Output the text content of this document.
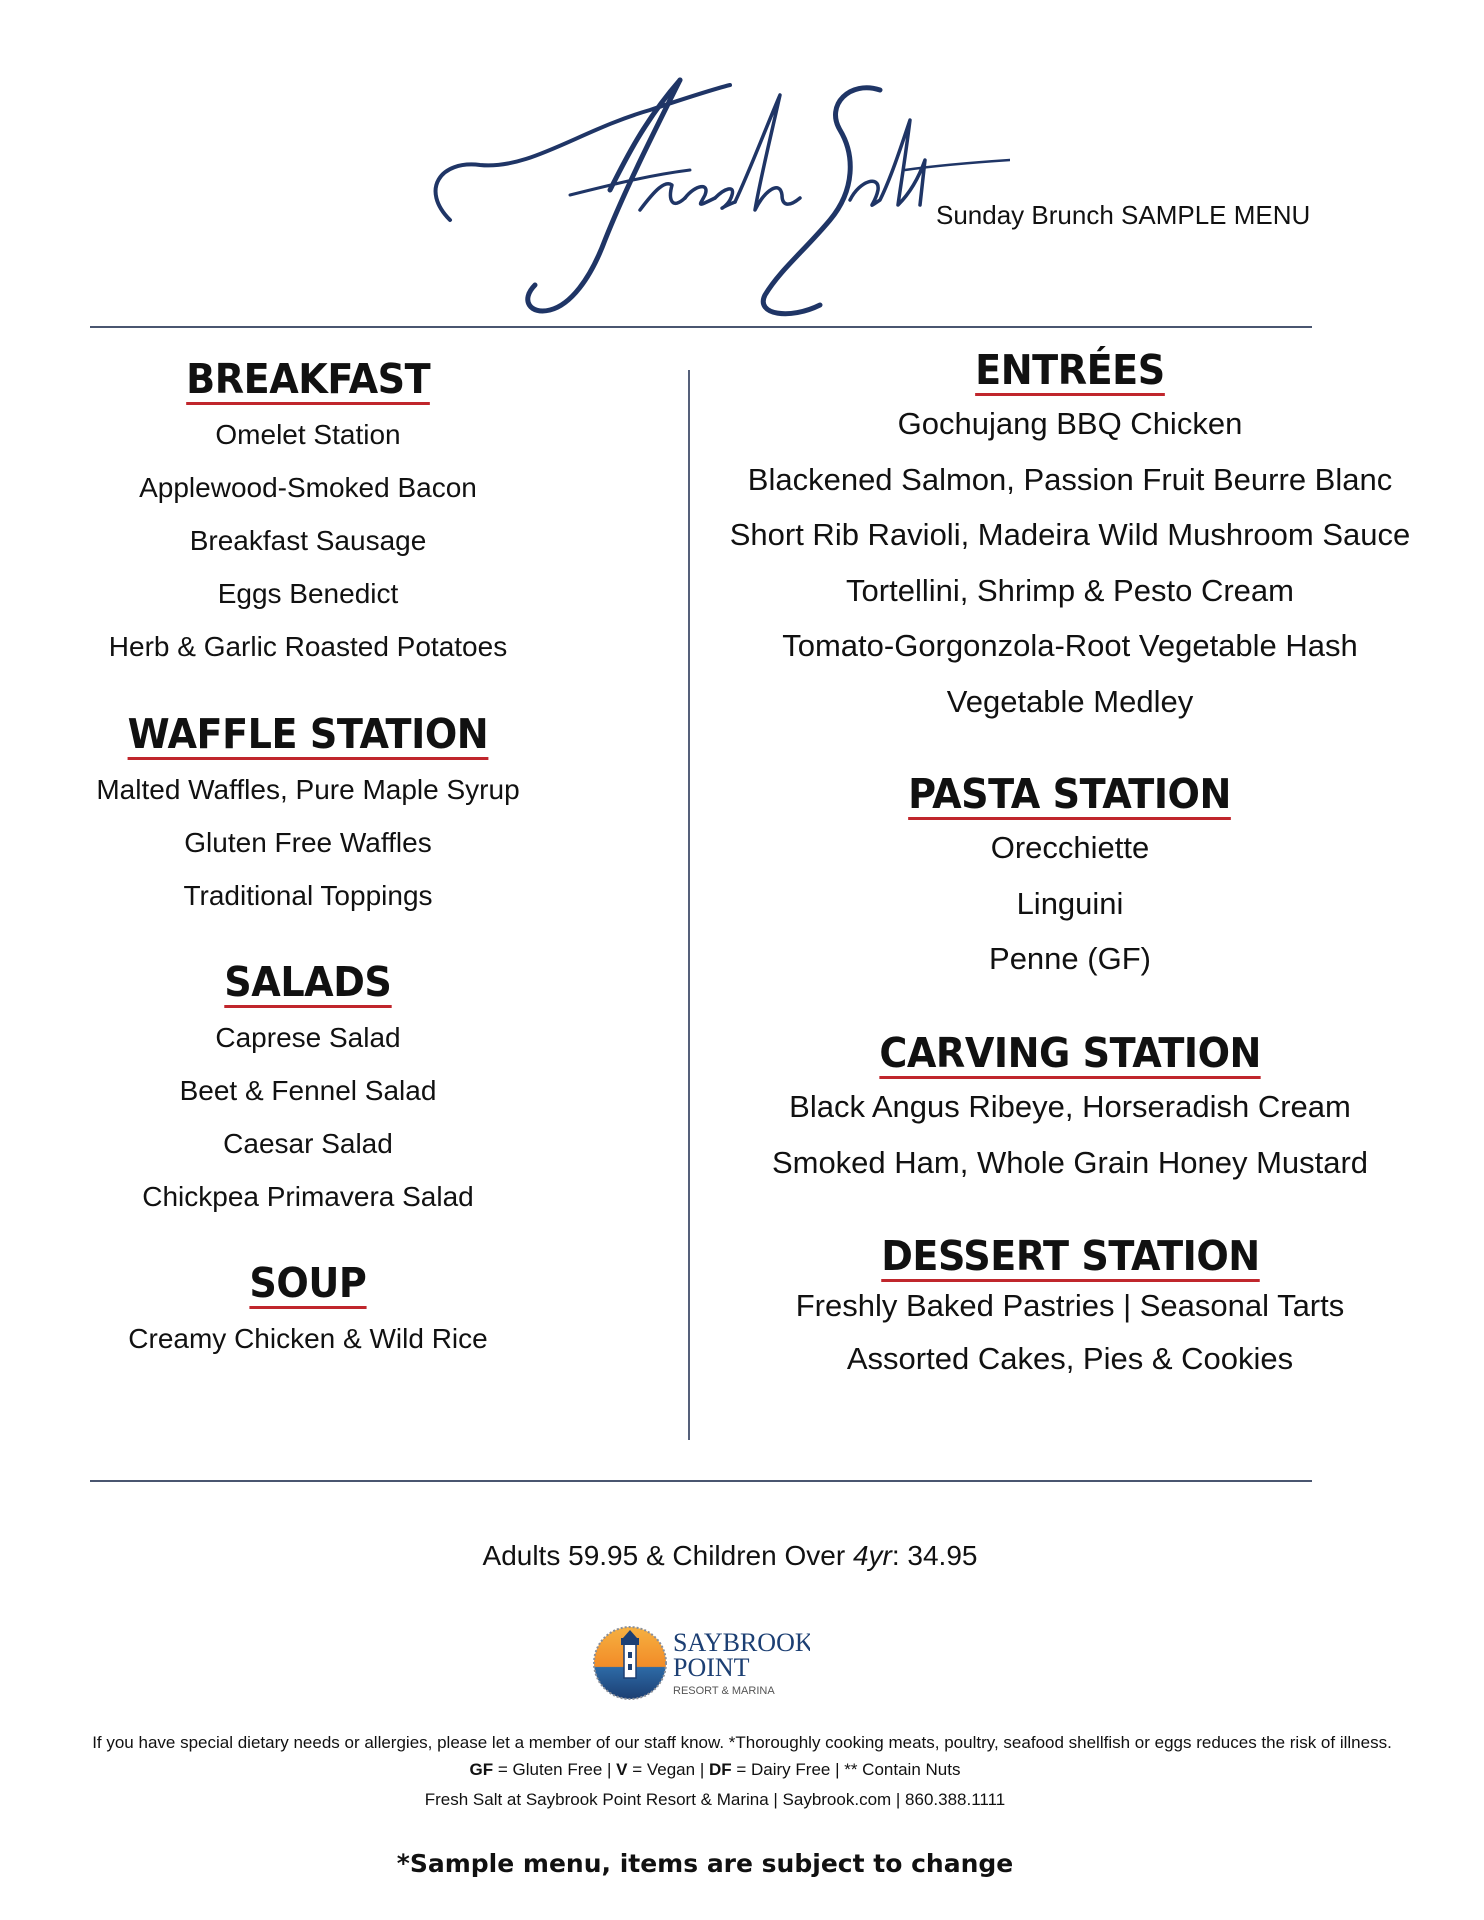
Sunday Brunch SAMPLE MENU
BREAKFAST
Omelet Station
Applewood-Smoked Bacon
Breakfast Sausage
Eggs Benedict
Herb & Garlic Roasted Potatoes
WAFFLE STATION
Malted Waffles, Pure Maple Syrup
Gluten Free Waffles
Traditional Toppings
SALADS
Caprese Salad
Beet & Fennel Salad
Caesar Salad
Chickpea Primavera Salad
SOUP
Creamy Chicken & Wild Rice
ENTRÉES
Gochujang BBQ Chicken
Blackened Salmon, Passion Fruit Beurre Blanc
Short Rib Ravioli, Madeira Wild Mushroom Sauce
Tortellini, Shrimp & Pesto Cream
Tomato-Gorgonzola-Root Vegetable Hash
Vegetable Medley
PASTA STATION
Orecchiette
Linguini
Penne (GF)
CARVING STATION
Black Angus Ribeye, Horseradish Cream
Smoked Ham, Whole Grain Honey Mustard
DESSERT STATION
Freshly Baked Pastries | Seasonal Tarts
Assorted Cakes, Pies & Cookies
Adults 59.95 & Children Over 4yr: 34.95
SAYBROOK
POINT
RESORT & MARINA
If you have special dietary needs or allergies, please let a member of our staff know. *Thoroughly cooking meats, poultry, seafood shellfish or eggs reduces the risk of illness.
GF = Gluten Free | V = Vegan | DF = Dairy Free | ** Contain Nuts
Fresh Salt at Saybrook Point Resort & Marina | Saybrook.com | 860.388.1111
*Sample menu, items are subject to change
